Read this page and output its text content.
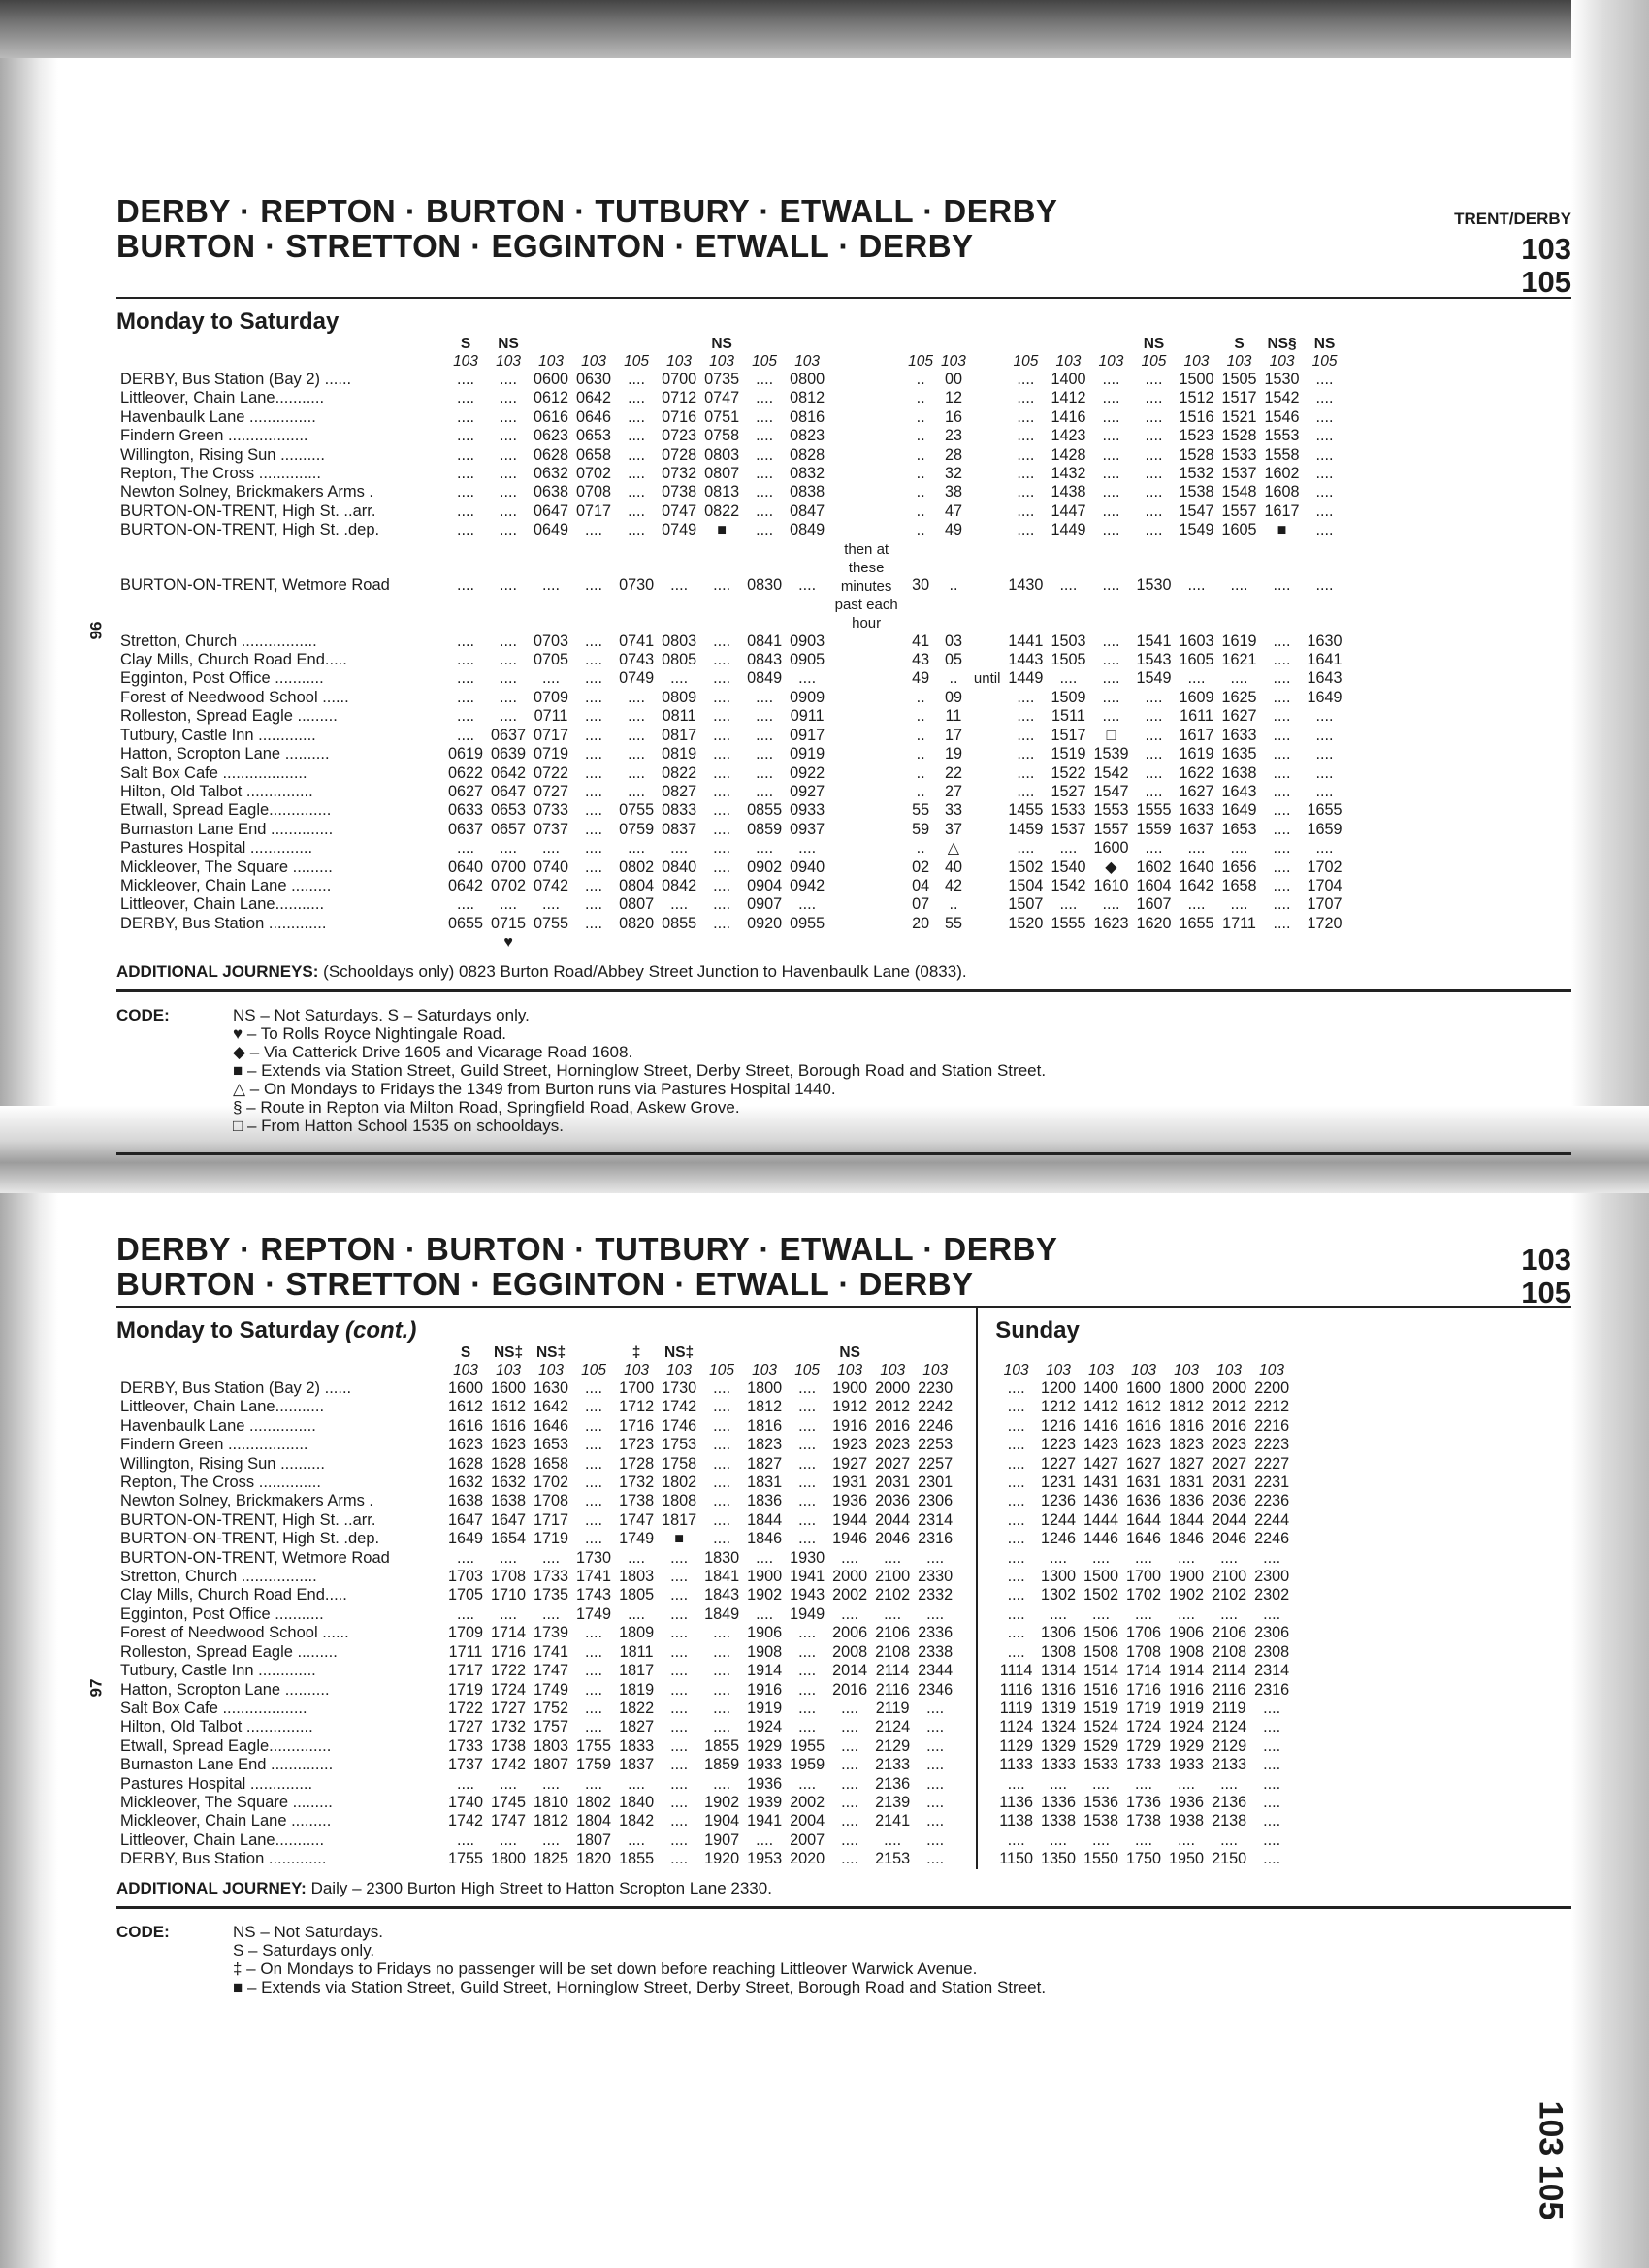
DERBY · REPTON · BURTON · TUTBURY · ETWALL · DERBY
BURTON · STRETTON · EGGINTON · ETWALL · DERBY
TRENT/DERBY
103
105
Monday to Saturday
	S	NS					NS										NS		S	NS§	NS	
	103	103	103	103	105	103	103	105	103		105	103		105	103	103	105	103	103	103	105	
DERBY, Bus Station (Bay 2) ......	....	....	0600	0630	....	0700	0735	....	0800		..	00		....	1400	....	....	1500	1505	1530	....	
Littleover, Chain Lane...........	....	....	0612	0642	....	0712	0747	....	0812		..	12		....	1412	....	....	1512	1517	1542	....	
Havenbaulk Lane ...............	....	....	0616	0646	....	0716	0751	....	0816		..	16		....	1416	....	....	1516	1521	1546	....	
Findern Green ..................	....	....	0623	0653	....	0723	0758	....	0823		..	23		....	1423	....	....	1523	1528	1553	....	
Willington, Rising Sun ..........	....	....	0628	0658	....	0728	0803	....	0828		..	28		....	1428	....	....	1528	1533	1558	....	
Repton, The Cross ..............	....	....	0632	0702	....	0732	0807	....	0832		..	32		....	1432	....	....	1532	1537	1602	....	
Newton Solney, Brickmakers Arms .	....	....	0638	0708	....	0738	0813	....	0838		..	38		....	1438	....	....	1538	1548	1608	....	
BURTON-ON-TRENT, High St. ..arr.	....	....	0647	0717	....	0747	0822	....	0847		..	47		....	1447	....	....	1547	1557	1617	....	
BURTON-ON-TRENT, High St. .dep.	....	....	0649	....	....	0749	■	....	0849		..	49		....	1449	....	....	1549	1605	■	....	
BURTON-ON-TRENT, Wetmore Road	....	....	....	....	0730	....	....	0830	....	then at these minutes past each hour	30	..		1430	....	....	1530	....	....	....	....	
Stretton, Church .................	....	....	0703	....	0741	0803	....	0841	0903		41	03		1441	1503	....	1541	1603	1619	....	1630	
Clay Mills, Church Road End.....	....	....	0705	....	0743	0805	....	0843	0905		43	05		1443	1505	....	1543	1605	1621	....	1641	
Egginton, Post Office ...........	....	....	....	....	0749	....	....	0849	....		49	..	until	1449	....	....	1549	....	....	....	1643	
Forest of Needwood School ......	....	....	0709	....	....	0809	....	....	0909		..	09		....	1509	....	....	1609	1625	....	1649	
Rolleston, Spread Eagle .........	....	....	0711	....	....	0811	....	....	0911		..	11		....	1511	....	....	1611	1627	....	....	
Tutbury, Castle Inn .............	....	0637	0717	....	....	0817	....	....	0917		..	17		....	1517	□	....	1617	1633	....	....	
Hatton, Scropton Lane ..........	0619	0639	0719	....	....	0819	....	....	0919		..	19		....	1519	1539	....	1619	1635	....	....	
Salt Box Cafe ...................	0622	0642	0722	....	....	0822	....	....	0922		..	22		....	1522	1542	....	1622	1638	....	....	
Hilton, Old Talbot ...............	0627	0647	0727	....	....	0827	....	....	0927		..	27		....	1527	1547	....	1627	1643	....	....	
Etwall, Spread Eagle..............	0633	0653	0733	....	0755	0833	....	0855	0933		55	33		1455	1533	1553	1555	1633	1649	....	1655	
Burnaston Lane End ..............	0637	0657	0737	....	0759	0837	....	0859	0937		59	37		1459	1537	1557	1559	1637	1653	....	1659	
Pastures Hospital ..............	....	....	....	....	....	....	....	....	....		..	△		....	....	1600	....	....	....	....	....	
Mickleover, The Square .........	0640	0700	0740	....	0802	0840	....	0902	0940		02	40		1502	1540	◆	1602	1640	1656	....	1702	
Mickleover, Chain Lane .........	0642	0702	0742	....	0804	0842	....	0904	0942		04	42		1504	1542	1610	1604	1642	1658	....	1704	
Littleover, Chain Lane...........	....	....	....	....	0807	....	....	0907	....		07	..		1507	....	....	1607	....	....	....	1707	
DERBY, Bus Station .............	0655	0715	0755	....	0820	0855	....	0920	0955		20	55		1520	1555	1623	1620	1655	1711	....	1720	
		♥																				
ADDITIONAL JOURNEYS: (Schooldays only) 0823 Burton Road/Abbey Street Junction to Havenbaulk Lane (0833).
CODE:	NS – Not Saturdays. S – Saturdays only.
♥ – To Rolls Royce Nightingale Road.
◆ – Via Catterick Drive 1605 and Vicarage Road 1608.
■ – Extends via Station Street, Guild Street, Horninglow Street, Derby Street, Borough Road and Station Street.
△ – On Mondays to Fridays the 1349 from Burton runs via Pastures Hospital 1440.
§ – Route in Repton via Milton Road, Springfield Road, Askew Grove.
□ – From Hatton School 1535 on schooldays.
DERBY · REPTON · BURTON · TUTBURY · ETWALL · DERBY
BURTON · STRETTON · EGGINTON · ETWALL · DERBY
103
105
Monday to Saturday (cont.)
	S	NS‡	NS‡		‡	NS‡				NS		
	103	103	103	105	103	103	105	103	105	103	103	103
DERBY, Bus Station (Bay 2) ......	1600	1600	1630	....	1700	1730	....	1800	....	1900	2000	2230
Littleover, Chain Lane...........	1612	1612	1642	....	1712	1742	....	1812	....	1912	2012	2242
Havenbaulk Lane ...............	1616	1616	1646	....	1716	1746	....	1816	....	1916	2016	2246
Findern Green ..................	1623	1623	1653	....	1723	1753	....	1823	....	1923	2023	2253
Willington, Rising Sun ..........	1628	1628	1658	....	1728	1758	....	1827	....	1927	2027	2257
Repton, The Cross ..............	1632	1632	1702	....	1732	1802	....	1831	....	1931	2031	2301
Newton Solney, Brickmakers Arms .	1638	1638	1708	....	1738	1808	....	1836	....	1936	2036	2306
BURTON-ON-TRENT, High St. ..arr.	1647	1647	1717	....	1747	1817	....	1844	....	1944	2044	2314
BURTON-ON-TRENT, High St. .dep.	1649	1654	1719	....	1749	■	....	1846	....	1946	2046	2316
BURTON-ON-TRENT, Wetmore Road	....	....	....	1730	....	....	1830	....	1930	....	....	....
Stretton, Church .................	1703	1708	1733	1741	1803	....	1841	1900	1941	2000	2100	2330
Clay Mills, Church Road End.....	1705	1710	1735	1743	1805	....	1843	1902	1943	2002	2102	2332
Egginton, Post Office ...........	....	....	....	1749	....	....	1849	....	1949	....	....	....
Forest of Needwood School ......	1709	1714	1739	....	1809	....	....	1906	....	2006	2106	2336
Rolleston, Spread Eagle .........	1711	1716	1741	....	1811	....	....	1908	....	2008	2108	2338
Tutbury, Castle Inn .............	1717	1722	1747	....	1817	....	....	1914	....	2014	2114	2344
Hatton, Scropton Lane ..........	1719	1724	1749	....	1819	....	....	1916	....	2016	2116	2346
Salt Box Cafe ...................	1722	1727	1752	....	1822	....	....	1919	....	....	2119	....
Hilton, Old Talbot ...............	1727	1732	1757	....	1827	....	....	1924	....	....	2124	....
Etwall, Spread Eagle..............	1733	1738	1803	1755	1833	....	1855	1929	1955	....	2129	....
Burnaston Lane End ..............	1737	1742	1807	1759	1837	....	1859	1933	1959	....	2133	....
Pastures Hospital ..............	....	....	....	....	....	....	....	1936	....	....	2136	....
Mickleover, The Square .........	1740	1745	1810	1802	1840	....	1902	1939	2002	....	2139	....
Mickleover, Chain Lane .........	1742	1747	1812	1804	1842	....	1904	1941	2004	....	2141	....
Littleover, Chain Lane...........	....	....	....	1807	....	....	1907	....	2007	....	....	....
DERBY, Bus Station .............	1755	1800	1825	1820	1855	....	1920	1953	2020	....	2153	....
Sunday

103	103	103	103	103	103	103
....	1200	1400	1600	1800	2000	2200
....	1212	1412	1612	1812	2012	2212
....	1216	1416	1616	1816	2016	2216
....	1223	1423	1623	1823	2023	2223
....	1227	1427	1627	1827	2027	2227
....	1231	1431	1631	1831	2031	2231
....	1236	1436	1636	1836	2036	2236
....	1244	1444	1644	1844	2044	2244
....	1246	1446	1646	1846	2046	2246
....	....	....	....	....	....	....
....	1300	1500	1700	1900	2100	2300
....	1302	1502	1702	1902	2102	2302
....	....	....	....	....	....	....
....	1306	1506	1706	1906	2106	2306
....	1308	1508	1708	1908	2108	2308
1114	1314	1514	1714	1914	2114	2314
1116	1316	1516	1716	1916	2116	2316
1119	1319	1519	1719	1919	2119	....
1124	1324	1524	1724	1924	2124	....
1129	1329	1529	1729	1929	2129	....
1133	1333	1533	1733	1933	2133	....
....	....	....	....	....	....	....
1136	1336	1536	1736	1936	2136	....
1138	1338	1538	1738	1938	2138	....
....	....	....	....	....	....	....
1150	1350	1550	1750	1950	2150	....
ADDITIONAL JOURNEY: Daily – 2300 Burton High Street to Hatton Scropton Lane 2330.
CODE:	NS – Not Saturdays.
S – Saturdays only.
‡ – On Mondays to Fridays no passenger will be set down before reaching Littleover Warwick Avenue.
■ – Extends via Station Street, Guild Street, Horninglow Street, Derby Street, Borough Road and Station Street.
96
97
103 105
